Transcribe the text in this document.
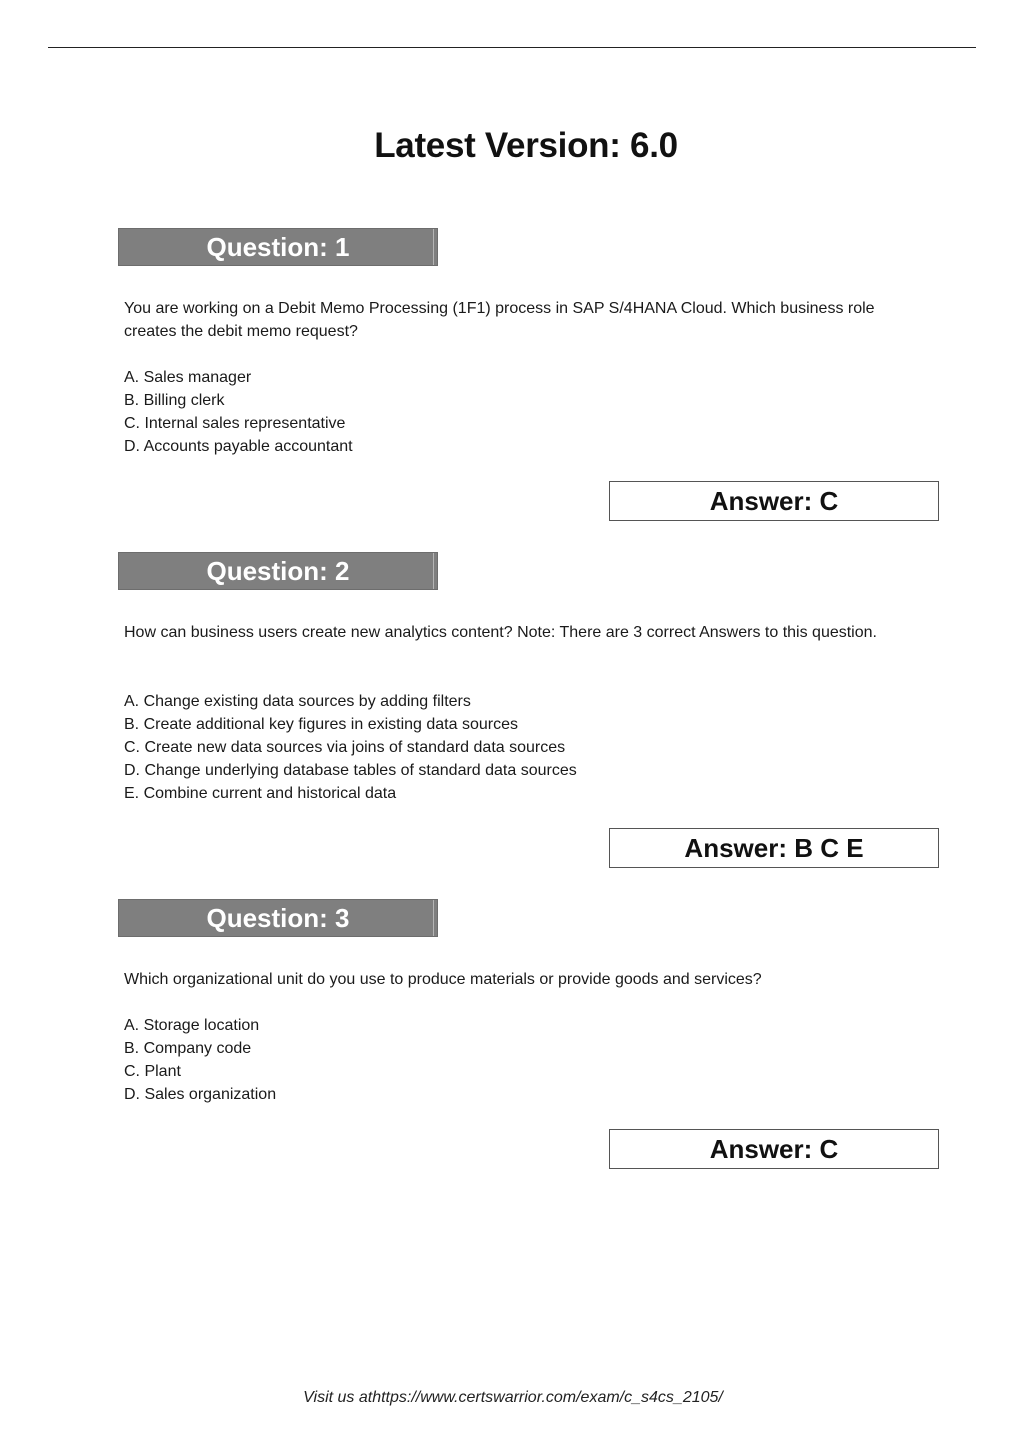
Latest Version: 6.0
Question: 1
You are working on a Debit Memo Processing (1F1) process in SAP S/4HANA Cloud. Which business role creates the debit memo request?
A. Sales manager
B. Billing clerk
C. Internal sales representative
D. Accounts payable accountant
Answer: C
Question: 2
How can business users create new analytics content? Note: There are 3 correct Answers to this question.
A. Change existing data sources by adding filters
B. Create additional key figures in existing data sources
C. Create new data sources via joins of standard data sources
D. Change underlying database tables of standard data sources
E. Combine current and historical data
Answer: B C E
Question: 3
Which organizational unit do you use to produce materials or provide goods and services?
A. Storage location
B. Company code
C. Plant
D. Sales organization
Answer: C
Visit us athttps://www.certswarrior.com/exam/c_s4cs_2105/
